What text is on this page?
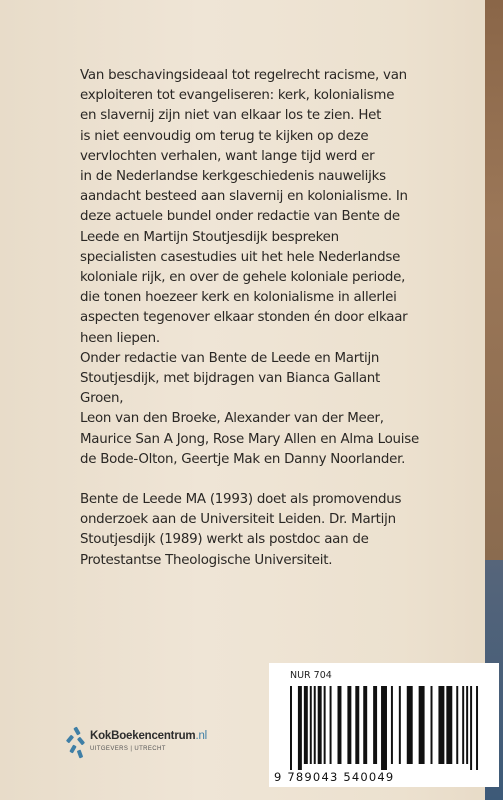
Van beschavingsideaal tot regelrecht racisme, van

exploiteren tot evangeliseren: kerk, kolonialisme

en slavernij zijn niet van elkaar los te zien. Het

is niet eenvoudig om terug te kijken op deze

vervlochten verhalen, want lange tijd werd er

in de Nederlandse kerkgeschiedenis nauwelijks

aandacht besteed aan slavernij en kolonialisme. In

deze actuele bundel onder redactie van Bente de

Leede en Martijn Stoutjesdijk bespreken

specialisten casestudies uit het hele Nederlandse

koloniale rijk, en over de gehele koloniale periode,

die tonen hoezeer kerk en kolonialisme in allerlei

aspecten tegenover elkaar stonden én door elkaar

heen liepen.

Onder redactie van Bente de Leede en Martijn

Stoutjesdijk, met bijdragen van Bianca Gallant Groen,

Leon van den Broeke, Alexander van der Meer,

Maurice San A Jong, Rose Mary Allen en Alma Louise

de Bode-Olton, Geertje Mak en Danny Noorlander.

Bente de Leede MA (1993) doet als promovendus

onderzoek aan de Universiteit Leiden. Dr. Martijn

Stoutjesdijk (1989) werkt als postdoc aan de

Protestantse Theologische Universiteit.

KokBoekencentrum.nl
UITGEVERS | UTRECHT
NUR 704
9 789043 540049
